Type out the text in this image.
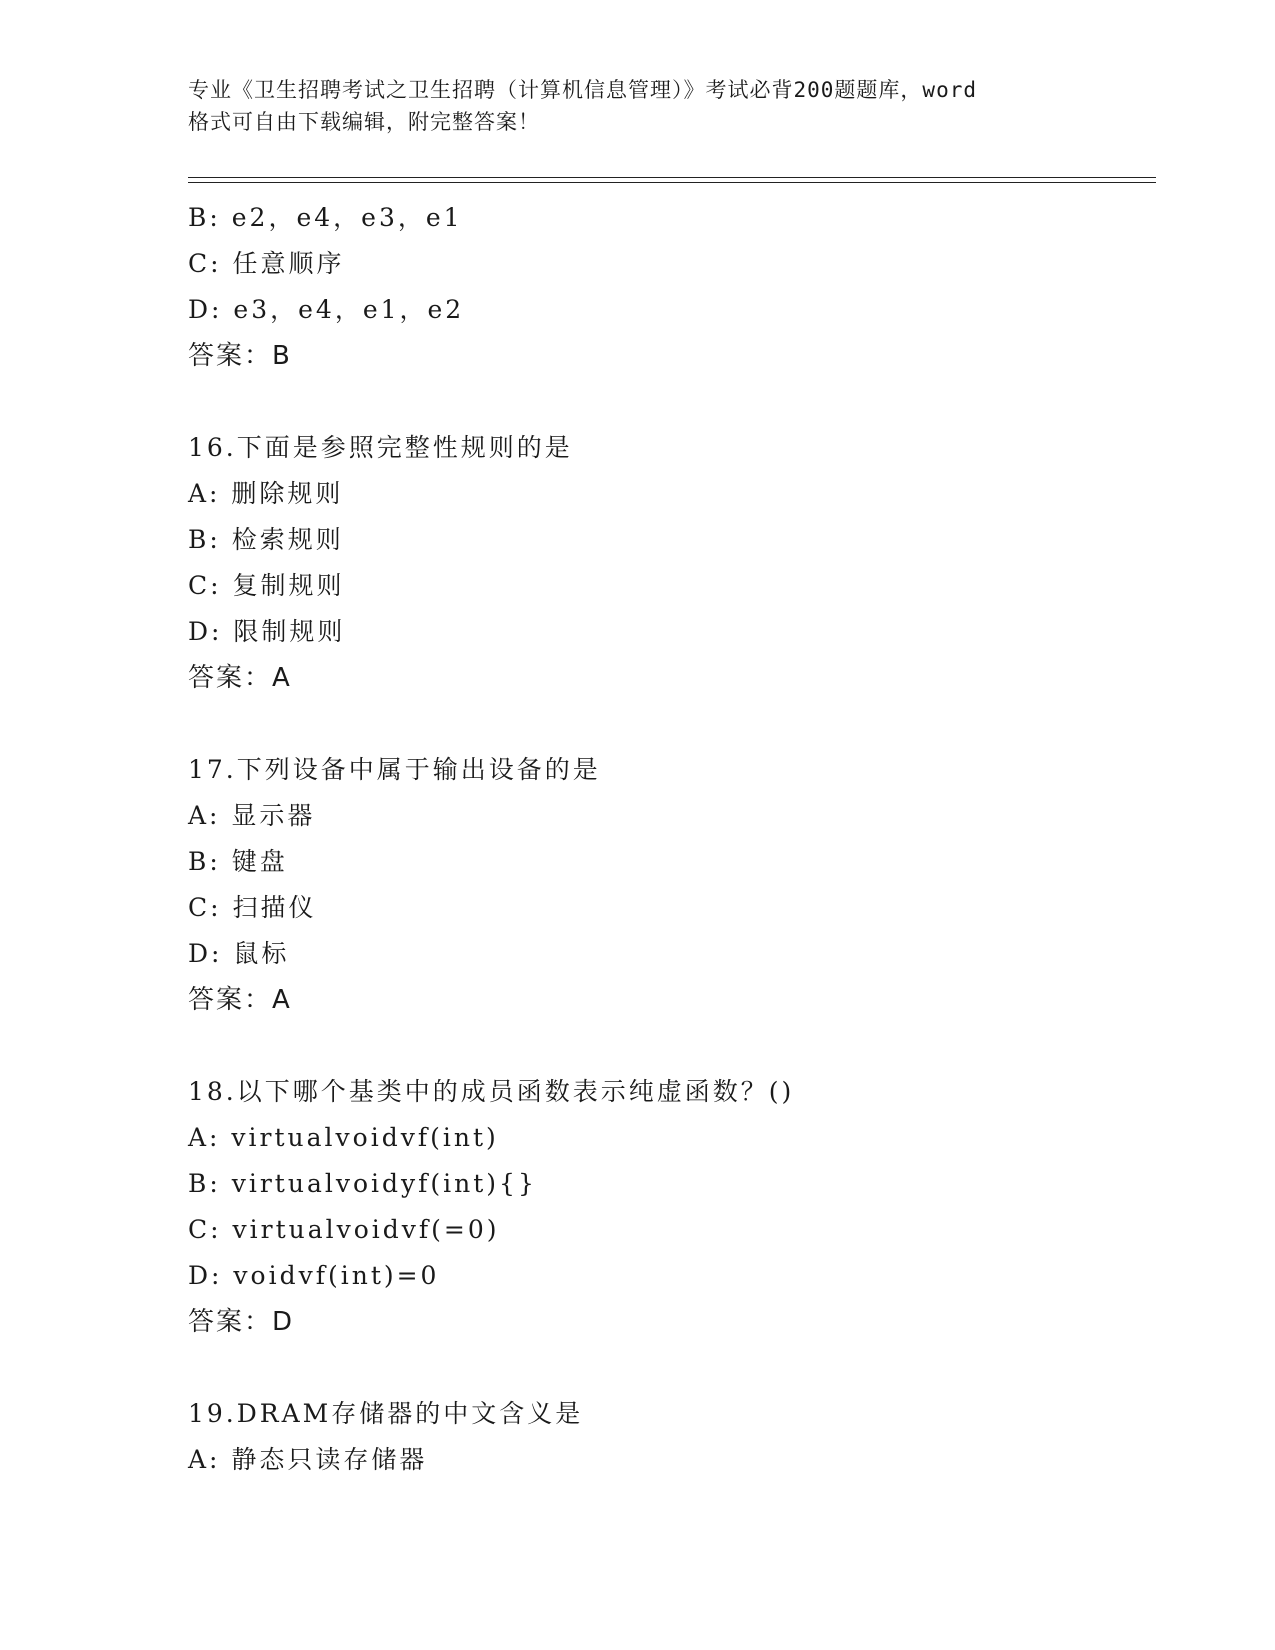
专业《卫生招聘考试之卫生招聘（计算机信息管理）》考试必背200题题库，word
格式可自由下载编辑，附完整答案！
B: e2，e4，e3，e1
C: 任意顺序
D: e3，e4，e1，e2
答案：B
16.下面是参照完整性规则的是
A: 删除规则
B: 检索规则
C: 复制规则
D: 限制规则
答案：A
17.下列设备中属于输出设备的是
A: 显示器
B: 键盘
C: 扫描仪
D: 鼠标
答案：A
18.以下哪个基类中的成员函数表示纯虚函数？()
A: virtualvoidvf(int)
B: virtualvoidyf(int){}
C: virtualvoidvf(=0)
D: voidvf(int)=0
答案：D
19.DRAM存储器的中文含义是
A: 静态只读存储器
